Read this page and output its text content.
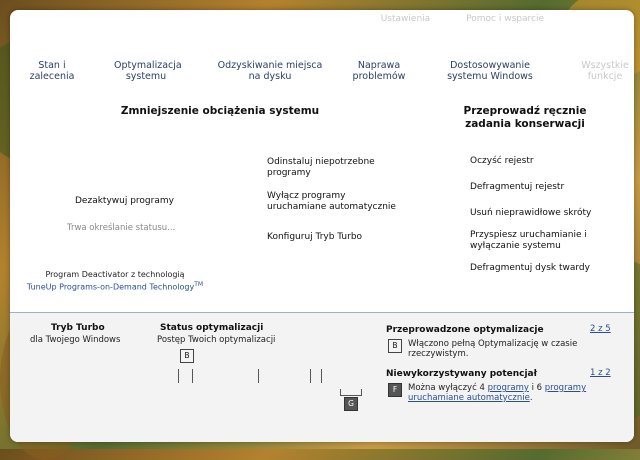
Ustawienia	Pomoc i wsparcie
Stan i zalecenia
Optymalizacja systemu
Odzyskiwanie miejsca na dysku
Naprawa problemów
Dostosowywanie systemu Windows
Wszystkie funkcje
Zmniejszenie obciążenia systemu	Przeprowadź ręcznie zadania konserwacji
Dezaktywuj programy
Trwa określanie statusu...
Program Deactivator z technologią
TuneUp Programs-on-Demand Technology™
Odinstaluj niepotrzebne programy
Wyłącz programy uruchamiane automatycznie
Konfiguruj Tryb Turbo
Oczyść rejestr
Defragmentuj rejestr
Usuń nieprawidłowe skróty
Przyspiesz uruchamianie i wyłączanie systemu
Defragmentuj dysk twardy
Tryb Turbo
dla Twojego Windows
Status optymalizacji
Postęp Twoich optymalizacji
B
G
Przeprowadzone optymalizacje	2 z 5
B	Włączono pełną Optymalizację w czasie rzeczywistym.
Niewykorzystywany potencjał	1 z 2
F	Można wyłączyć 4 programy i 6 programy uruchamiane automatycznie.
